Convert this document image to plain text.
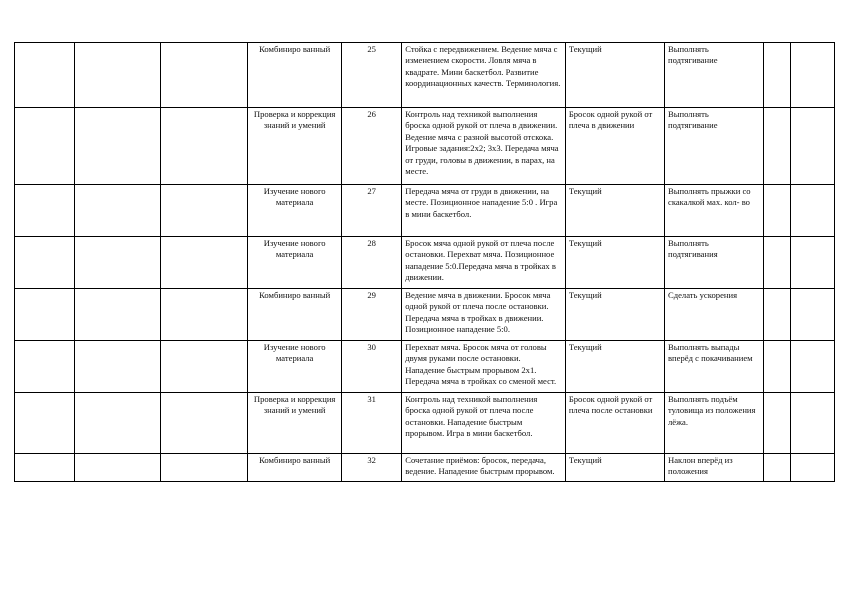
			Комбиниро ванный	25	Стойка с передвижением. Ведение мяча с изменением скорости. Ловля мяча в квадрате. Мини баскетбол. Развитие координационных качеств. Терминология.	Текущий	Выполнять подтягивание		
			Проверка и коррекция знаний и умений	26	Контроль над техникой выполнения броска одной рукой от плеча в движении. Ведение мяча с разной высотой отскока. Игровые задания:2х2; 3х3. Передача мяча от груди, головы в движении, в парах, на месте.	Бросок одной рукой от плеча в движении	Выполнять подтягивание		
			Изучение нового материала	27	Передача мяча от груди в движении, на месте. Позиционное нападение 5:0 . Игра в мини баскетбол.	Текущий	Выполнять прыжки со скакалкой мах. кол- во		
			Изучение нового материала	28	Бросок мяча одной рукой от плеча после остановки. Перехват мяча. Позиционное нападение 5:0.Передача мяча в тройках в движении.	Текущий	Выполнять подтягивания		
			Комбиниро ванный	29	Ведение мяча в движении. Бросок мяча одной рукой от плеча после остановки. Передача мяча в тройках в движении. Позиционное нападение 5:0.	Текущий	Сделать ускорения		
			Изучение нового материала	30	Перехват мяча. Бросок мяча от головы двумя руками после остановки. Нападение быстрым прорывом 2х1. Передача мяча в тройках со сменой мест.	Текущий	Выполнять выпады вперёд с покачиванием		
			Проверка и коррекция знаний и умений	31	Контроль над техникой выполнения броска одной рукой от плеча после остановки. Нападение быстрым прорывом. Игра в мини баскетбол.	Бросок одной рукой от плеча после остановки	Выполнять подъём туловища из положения лёжа.		
			Комбиниро ванный	32	Сочетание приёмов: бросок, передача, ведение. Нападение быстрым прорывом.	Текущий	Наклон вперёд из положения		
